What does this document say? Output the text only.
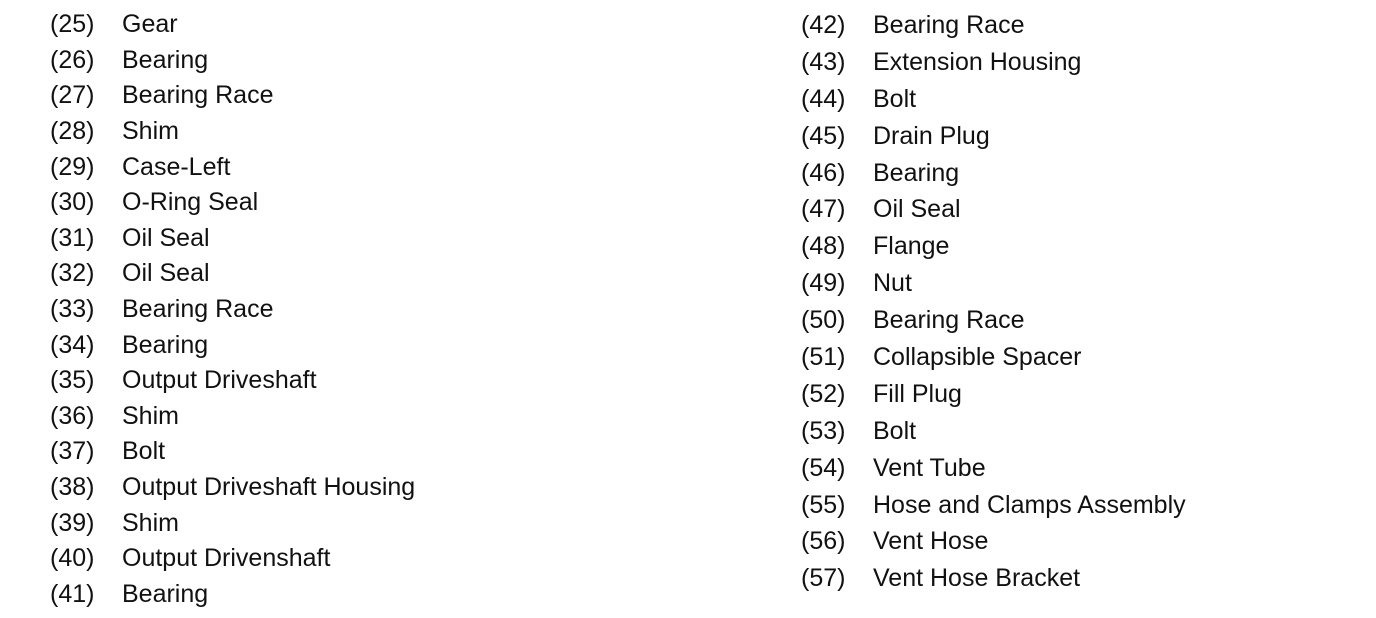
(25)	Gear
(26)	Bearing
(27)	Bearing Race
(28)	Shim
(29)	Case-Left
(30)	O-Ring Seal
(31)	Oil Seal
(32)	Oil Seal
(33)	Bearing Race
(34)	Bearing
(35)	Output Driveshaft
(36)	Shim
(37)	Bolt
(38)	Output Driveshaft Housing
(39)	Shim
(40)	Output Drivenshaft
(41)	Bearing
(42)	Bearing Race
(43)	Extension Housing
(44)	Bolt
(45)	Drain Plug
(46)	Bearing
(47)	Oil Seal
(48)	Flange
(49)	Nut
(50)	Bearing Race
(51)	Collapsible Spacer
(52)	Fill Plug
(53)	Bolt
(54)	Vent Tube
(55)	Hose and Clamps Assembly
(56)	Vent Hose
(57)	Vent Hose Bracket
